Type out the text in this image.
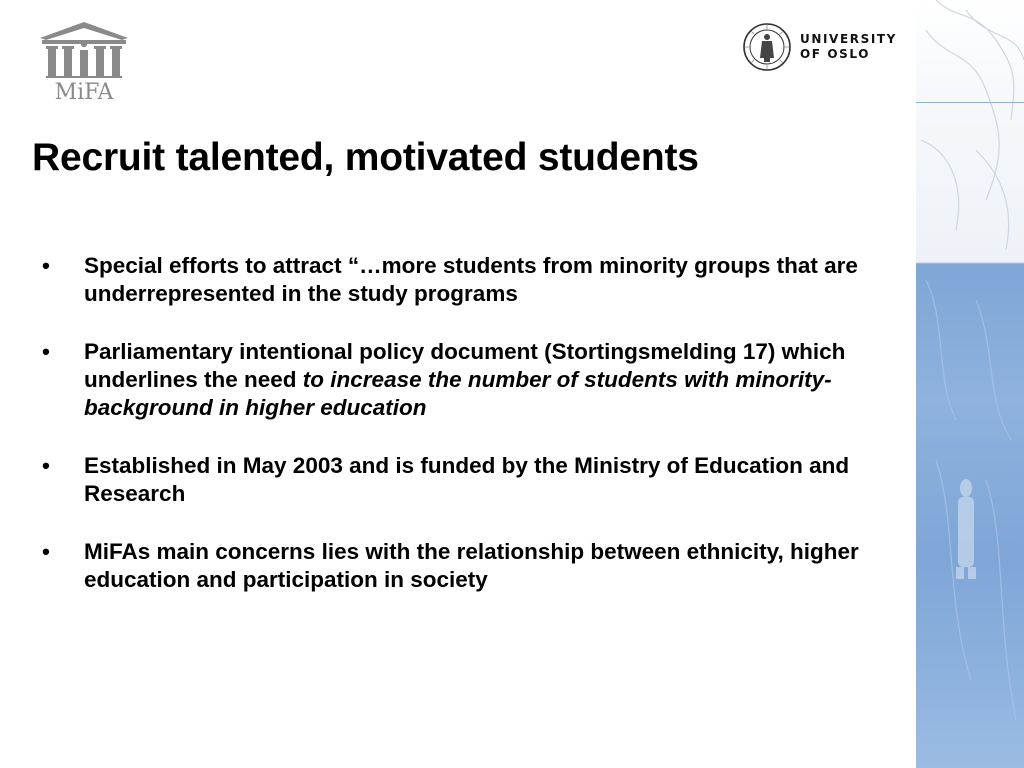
MiFA
UNIVERSITY
OF OSLO
Recruit talented, motivated students
• Special efforts to attract “…more students from minority groups that are underrepresented in the study programs
• Parliamentary intentional policy document (Stortingsmelding 17) which underlines the need to increase the number of students with minority-background in higher education
• Established in May 2003 and is funded by the Ministry of Education and Research
• MiFAs main concerns lies with the relationship between ethnicity, higher education and participation in society
